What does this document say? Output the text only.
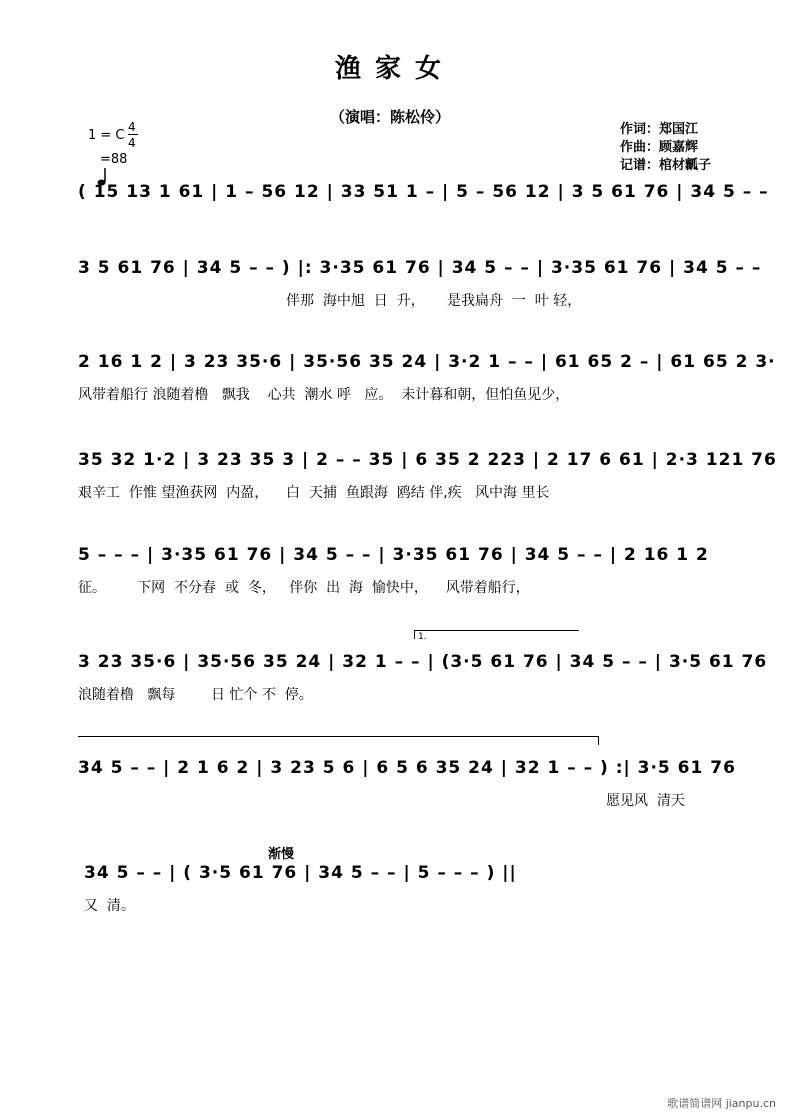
渔家女
（演唱：陈松伶）
作词：郑国江
作曲：顾嘉辉
记谱：棺材瓤子
1 = C
4
4

=88
( 15 13 1 61 | 1 – 56 12 | 33 51 1 – | 5 – 56 12 | 3 5 61 76 | 34 5 – –
3 5 61 76 | 34 5 – – ) |: 3·35 61 76 | 34 5 – – | 3·35 61 76 | 34 5 – –
伴那  海中旭  日  升，     是我扁舟  一  叶 轻，
2 16 1 2 | 3 23 35·6 | 35·56 35 24 | 3·2 1 – – | 61 65 2 – | 61 65 2 3·
风带着船行 浪随着橹   飘我    心共  潮水 呼   应。  未计暮和朝，但怕鱼见少，
35 32 1·2 | 3 23 35 3 | 2 – – 35 | 6 35 2 223 | 2 17 6 61 | 2·3 121 76
艰辛工  作惟 望渔获网  内盈，    白  天捕  鱼跟海  鸥结 伴,疾   风中海 里长
5 – – – | 3·35 61 76 | 34 5 – – | 3·35 61 76 | 34 5 – – | 2 16 1 2
征。       下网  不分春  或  冬，   伴你  出  海  愉快中，    风带着船行，
1.
3 23 35·6 | 35·56 35 24 | 32 1 – – | (3·5 61 76 | 34 5 – – | 3·5 61 76
浪随着橹   飘每        日 忙个 不  停。
34 5 – – | 2 1 6 2 | 3 23 5 6 | 6 5 6 35 24 | 32 1 – – ) :| 3·5 61 76
愿见风  清天
渐慢
34 5 – – | ( 3·5 61 76 | 34 5 – – | 5 – – – ) ||
又  清。
歌谱简谱网 jianpu.cn
